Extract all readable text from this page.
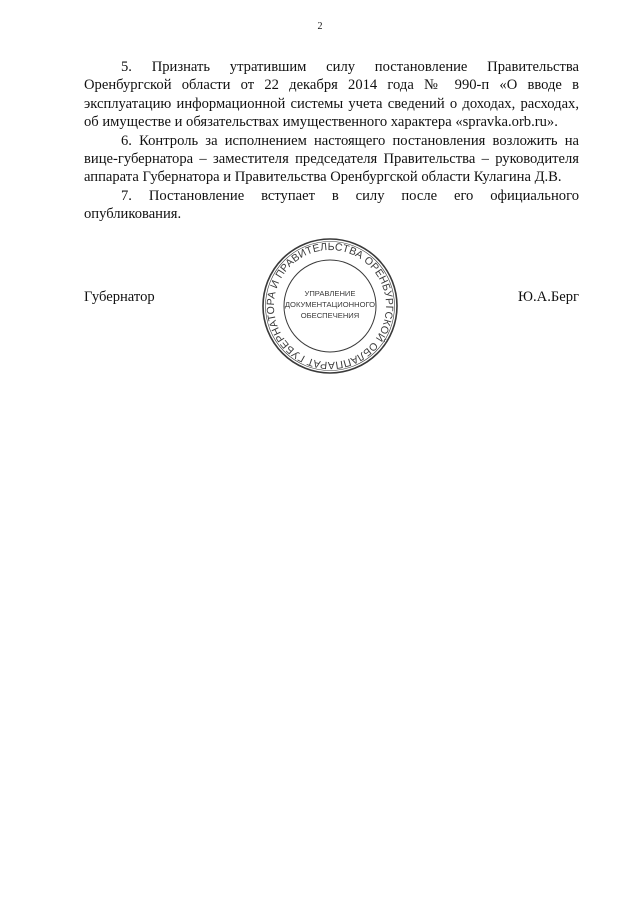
2

5. Признать утратившим силу постановление Правительства Оренбургской области от 22 декабря 2014 года № 990-п «О вводе в эксплуатацию информационной системы учета сведений о доходах, расходах, об имуществе и обязательствах имущественного характера «spravka.orb.ru».

6. Контроль за исполнением настоящего постановления возложить на вице-губернатора – заместителя председателя Правительства – руководителя аппарата Губернатора и Правительства Оренбургской области Кулагина Д.В.

7. Постановление вступает в силу после его официального опубликования.

Губернатор	Ю.А.Берг
АППАРАТ ГУБЕРНАТОРА И ПРАВИТЕЛЬСТВА ОРЕНБУРГСКОЙ ОБЛАСТИ
УПРАВЛЕНИЕ
ДОКУМЕНТАЦИОННОГО
ОБЕСПЕЧЕНИЯ
